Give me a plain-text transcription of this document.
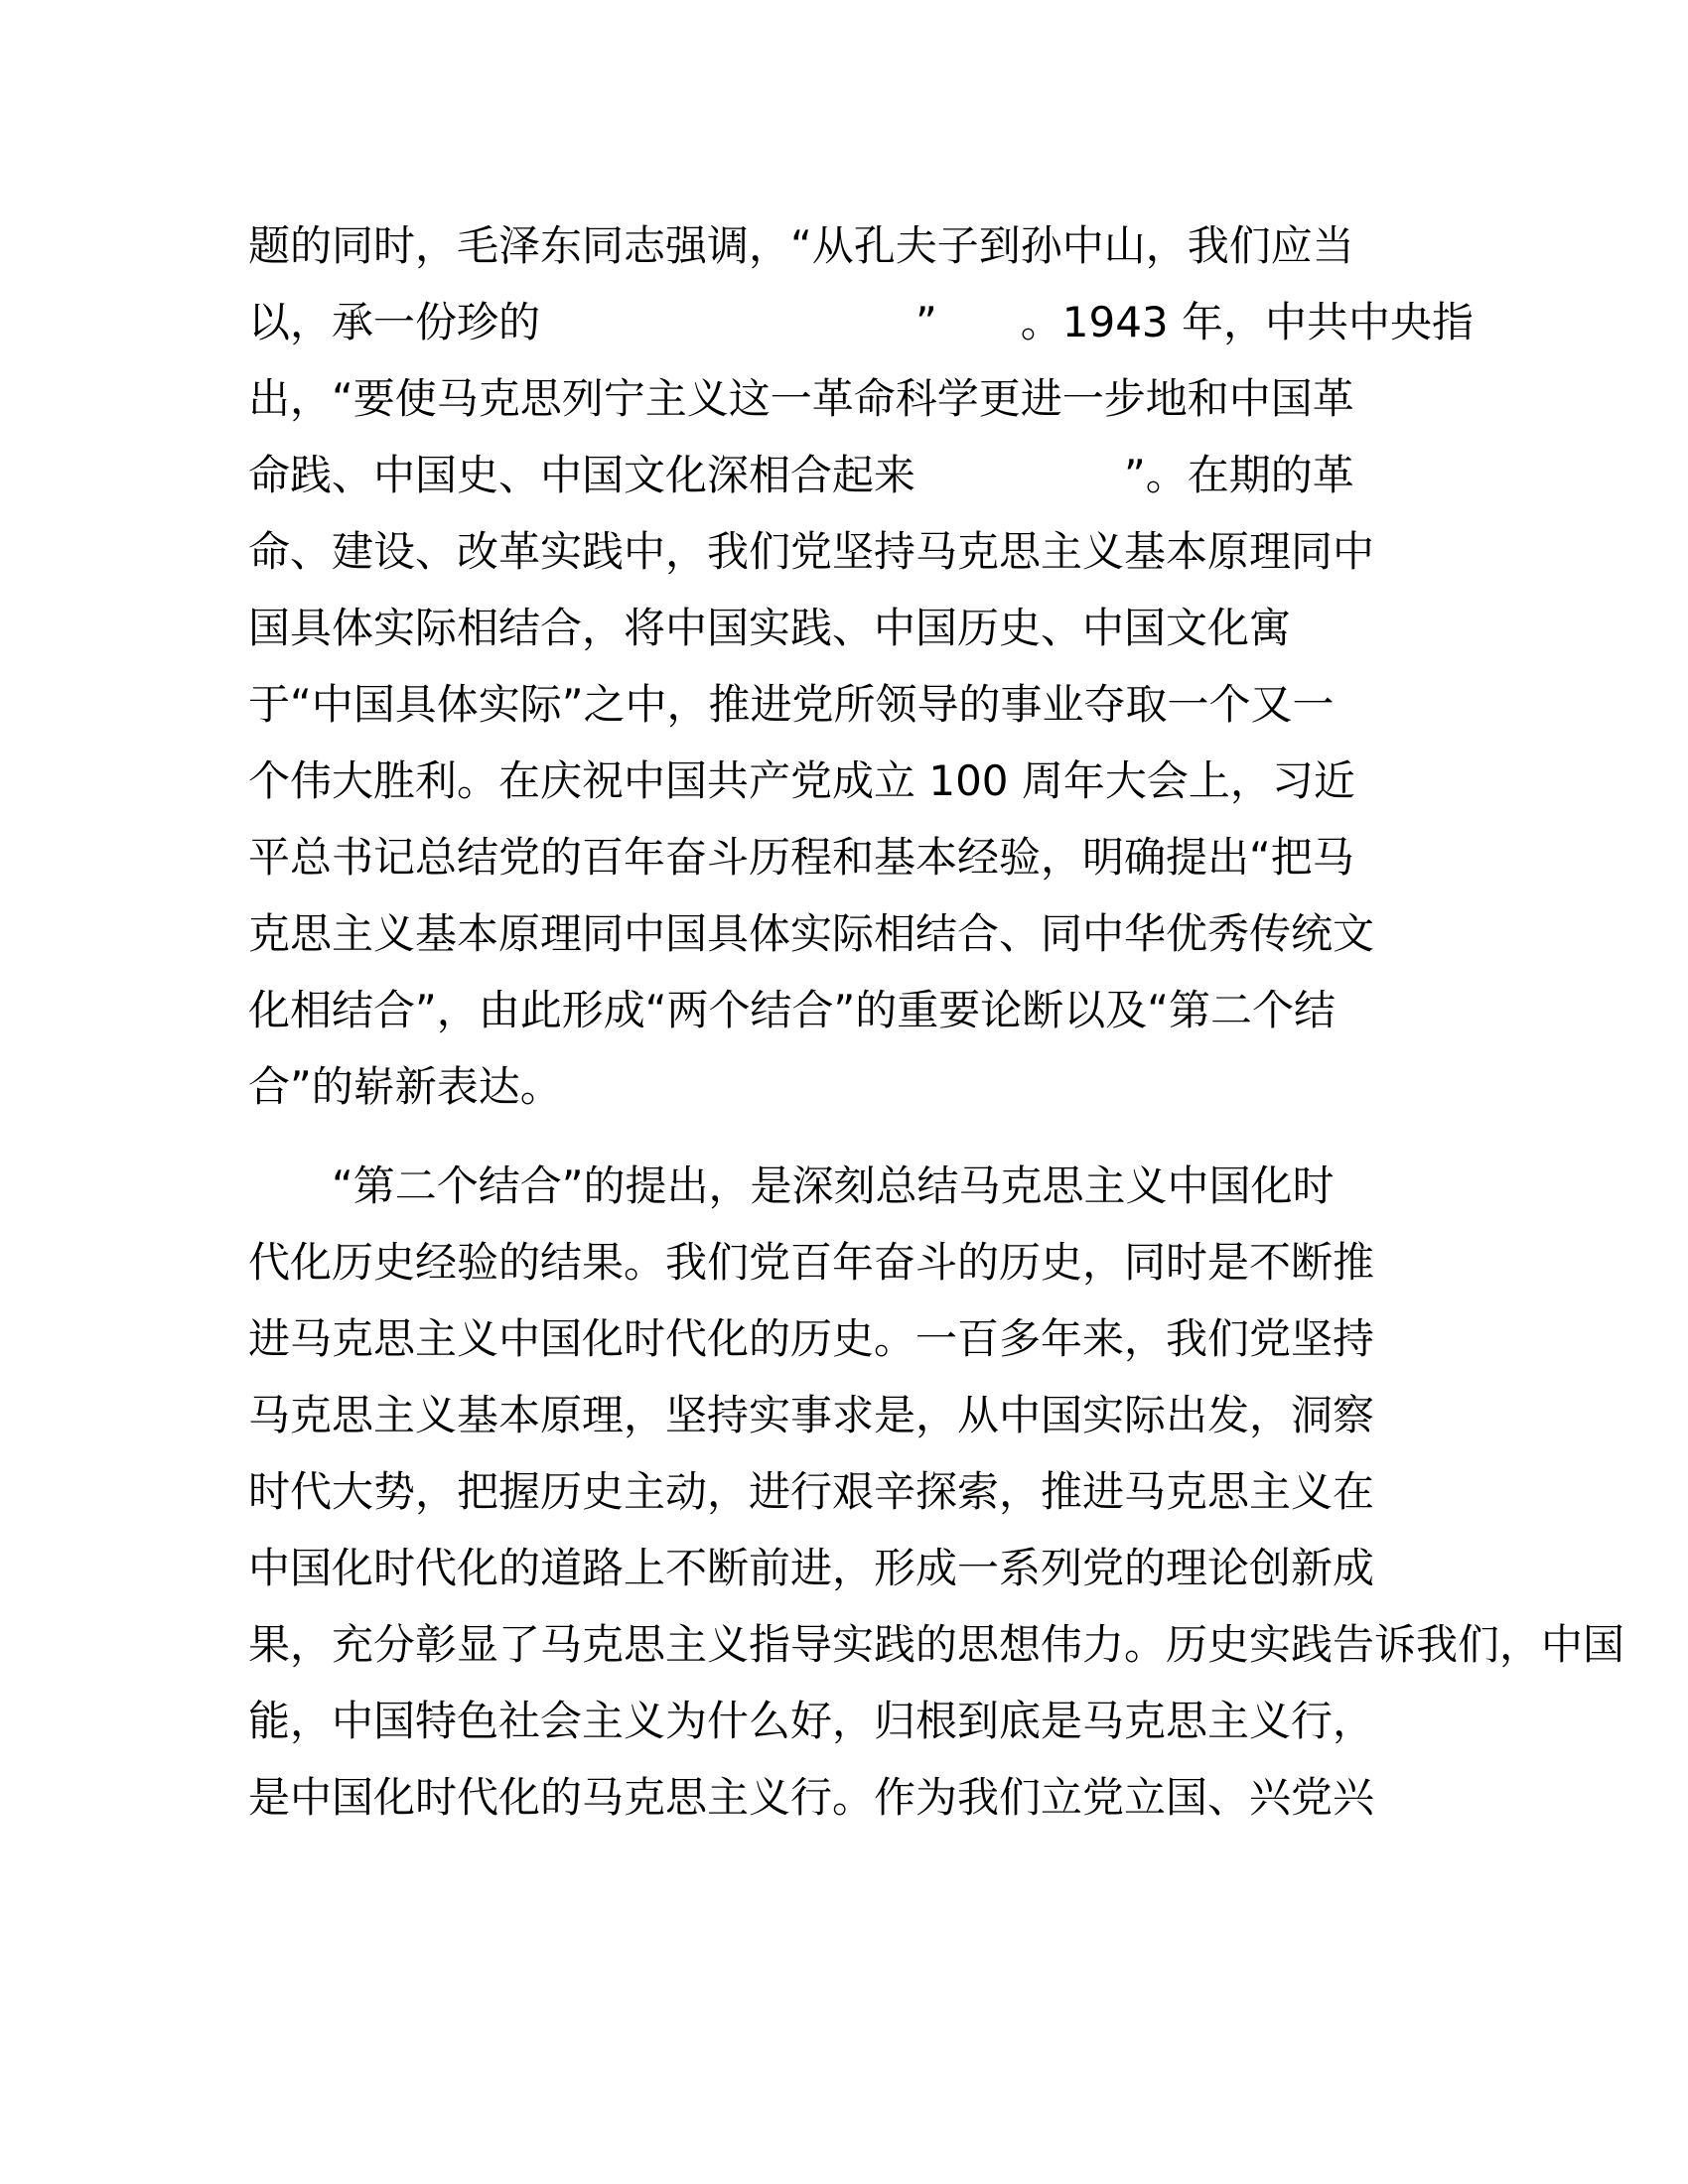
题的同时，毛泽东同志强调，“从孔夫子到孙中山，我们应当
以，承一份珍的　　　　　　　　　”　　。1943 年，中共中央指
出，“要使马克思列宁主义这一革命科学更进一步地和中国革
命践、中国史、中国文化深相合起来　　　　　”。在期的革
命、建设、改革实践中，我们党坚持马克思主义基本原理同中
国具体实际相结合，将中国实践、中国历史、中国文化寓
于“中国具体实际”之中，推进党所领导的事业夺取一个又一
个伟大胜利。在庆祝中国共产党成立 100 周年大会上，习近
平总书记总结党的百年奋斗历程和基本经验，明确提出“把马
克思主义基本原理同中国具体实际相结合、同中华优秀传统文
化相结合”，由此形成“两个结合”的重要论断以及“第二个结
合”的崭新表达。
　　“第二个结合”的提出，是深刻总结马克思主义中国化时
代化历史经验的结果。我们党百年奋斗的历史，同时是不断推
进马克思主义中国化时代化的历史。一百多年来，我们党坚持
马克思主义基本原理，坚持实事求是，从中国实际出发，洞察
时代大势，把握历史主动，进行艰辛探索，推进马克思主义在
中国化时代化的道路上不断前进，形成一系列党的理论创新成
果，充分彰显了马克思主义指导实践的思想伟力。历史实践告诉我们，中国
能，中国特色社会主义为什么好，归根到底是马克思主义行，
是中国化时代化的马克思主义行。作为我们立党立国、兴党兴
